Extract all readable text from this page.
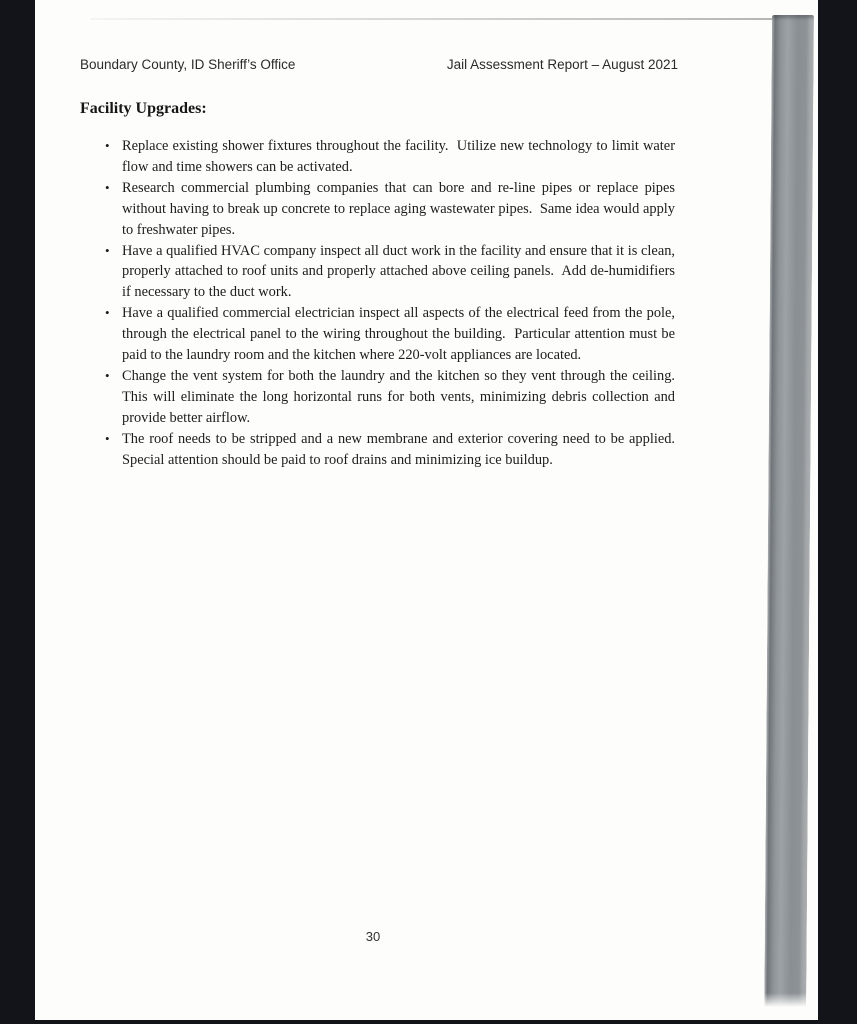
Boundary County, ID Sheriff’s Office	Jail Assessment Report – August 2021
Facility Upgrades:
• Replace existing shower fixtures throughout the facility.  Utilize new technology to limit water flow and time showers can be activated.
• Research commercial plumbing companies that can bore and re-line pipes or replace pipes without having to break up concrete to replace aging wastewater pipes.  Same idea would apply to freshwater pipes.
• Have a qualified HVAC company inspect all duct work in the facility and ensure that it is clean, properly attached to roof units and properly attached above ceiling panels.  Add de-humidifiers if necessary to the duct work.
• Have a qualified commercial electrician inspect all aspects of the electrical feed from the pole, through the electrical panel to the wiring throughout the building.  Particular attention must be paid to the laundry room and the kitchen where 220-volt appliances are located.
• Change the vent system for both the laundry and the kitchen so they vent through the ceiling.  This will eliminate the long horizontal runs for both vents, minimizing debris collection and provide better airflow.
• The roof needs to be stripped and a new membrane and exterior covering need to be applied.  Special attention should be paid to roof drains and minimizing ice buildup.
30
